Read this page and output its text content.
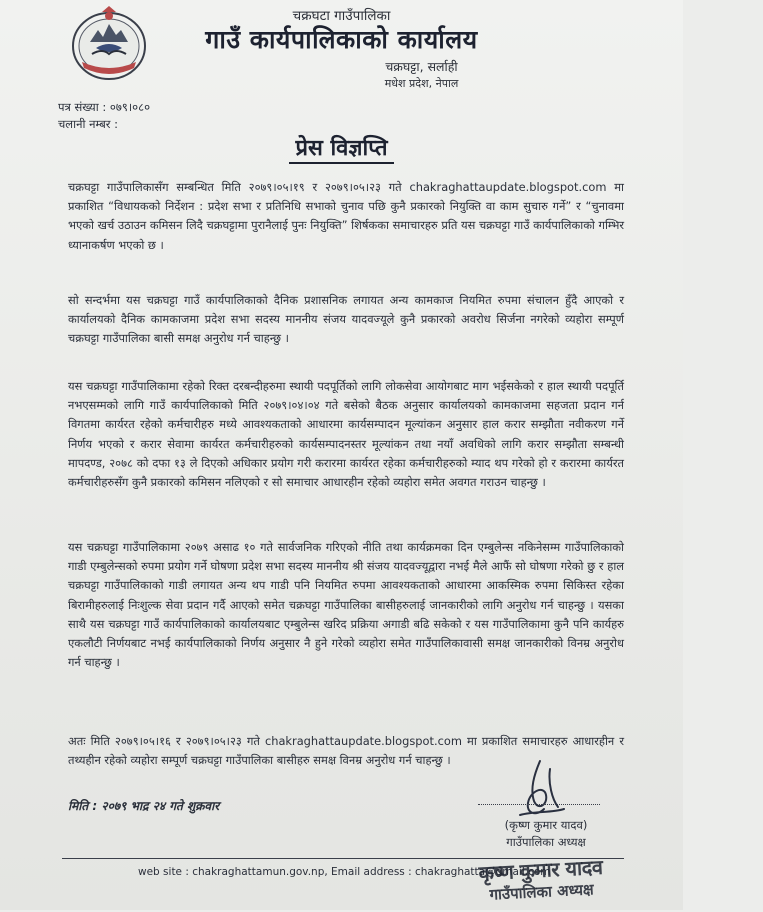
चक्रघटा गाउँपालिका
गाउँ कार्यपालिकाको कार्यालय
चक्रघट्टा, सर्लाही
मधेश प्रदेश, नेपाल
पत्र संख्या : ०७९।०८०
चलानी नम्बर :
प्रेस विज्ञप्ति
चक्रघट्टा गाउँपालिकासँग सम्बन्धित मिति २०७९।०५।१९ र २०७९।०५।२३ गते chakraghattaupdate.blogspot.com मा प्रकाशित “विधायकको निर्देशन : प्रदेश सभा र प्रतिनिधि सभाको चुनाव पछि कुनै प्रकारको नियुक्ति वा काम सुचारु गर्ने” र “चुनावमा भएको खर्च उठाउन कमिसन लिदै चक्रघट्टामा पुरानैलाई पुनः नियुक्ति” शिर्षकका समाचारहरु प्रति यस चक्रघट्टा गाउँ कार्यपालिकाको गम्भिर ध्यानाकर्षण भएको छ ।
सो सन्दर्भमा यस चक्रघट्टा गाउँ कार्यपालिकाको दैनिक प्रशासनिक लगायत अन्य कामकाज नियमित रुपमा संचालन हुँदै आएको र कार्यालयको दैनिक कामकाजमा प्रदेश सभा सदस्य माननीय संजय यादवज्यूले कुनै प्रकारको अवरोध सिर्जना नगरेको व्यहोरा सम्पूर्ण चक्रघट्टा गाउँपालिका बासी समक्ष अनुरोध गर्न चाहन्छु ।
यस चक्रघट्टा गाउँपालिकामा रहेको रिक्त दरबन्दीहरुमा स्थायी पदपूर्तिको लागि लोकसेवा आयोगबाट माग भईसकेको र हाल स्थायी पदपूर्ति नभएसम्मको लागि गाउँ कार्यपालिकाको मिति २०७९।०४।०४ गते बसेको बैठक अनुसार कार्यालयको कामकाजमा सहजता प्रदान गर्न विगतमा कार्यरत रहेको कर्मचारीहरु मध्ये आवश्यकताको आधारमा कार्यसम्पादन मूल्यांकन अनुसार हाल करार सम्झौता नवीकरण गर्ने निर्णय भएको र करार सेवामा कार्यरत कर्मचारीहरुको कार्यसम्पादनस्तर मूल्यांकन तथा नयाँ अवधिको लागि करार सम्झौता सम्बन्धी मापदण्ड, २०७८ को दफा १३ ले दिएको अधिकार प्रयोग गरी करारमा कार्यरत रहेका कर्मचारीहरुको म्याद थप गरेको हो र करारमा कार्यरत कर्मचारीहरुसँग कुनै प्रकारको कमिसन नलिएको र सो समाचार आधारहीन रहेको व्यहोरा समेत अवगत गराउन चाहन्छु ।
यस चक्रघट्टा गाउँपालिकामा २०७९ असाढ १० गते सार्वजनिक गरिएको नीति तथा कार्यक्रमका दिन एम्बुलेन्स नकिनेसम्म गाउँपालिकाको गाडी एम्बुलेन्सको रुपमा प्रयोग गर्ने घोषणा प्रदेश सभा सदस्य माननीय श्री संजय यादवज्यूद्वारा नभई मैले आफैं सो घोषणा गरेको छु र हाल चक्रघट्टा गाउँपालिकाको गाडी लगायत अन्य थप गाडी पनि नियमित रुपमा आवश्यकताको आधारमा आकस्मिक रुपमा सिकिस्त रहेका बिरामीहरुलाई निःशुल्क सेवा प्रदान गर्दै आएको समेत चक्रघट्टा गाउँपालिका बासीहरुलाई जानकारीको लागि अनुरोध गर्न चाहन्छु । यसका साथै यस चक्रघट्टा गाउँ कार्यपालिकाको कार्यालयबाट एम्बुलेन्स खरिद प्रक्रिया अगाडी बढि सकेको र यस गाउँपालिकामा कुनै पनि कार्यहरु एकलौटी निर्णयबाट नभई कार्यपालिकाको निर्णय अनुसार नै हुने गरेको व्यहोरा समेत गाउँपालिकावासी समक्ष जानकारीको विनम्र अनुरोध गर्न चाहन्छु ।
अतः मिति २०७९।०५।१६ र २०७९।०५।२३ गते chakraghattaupdate.blogspot.com मा प्रकाशित समाचारहरु आधारहीन र तथ्यहीन रहेको व्यहोरा सम्पूर्ण चक्रघट्टा गाउँपालिका बासीहरु समक्ष विनम्र अनुरोध गर्न चाहन्छु ।
मिति : २०७९ भाद्र २४ गते शुक्रवार
(कृष्ण कुमार यादव)
गाउँपालिका अध्यक्ष
web site : chakraghattamun.gov.np, Email address : chakraghatta@gmail.com
कृष्ण कुमार यादव
गाउँपालिका अध्यक्ष
